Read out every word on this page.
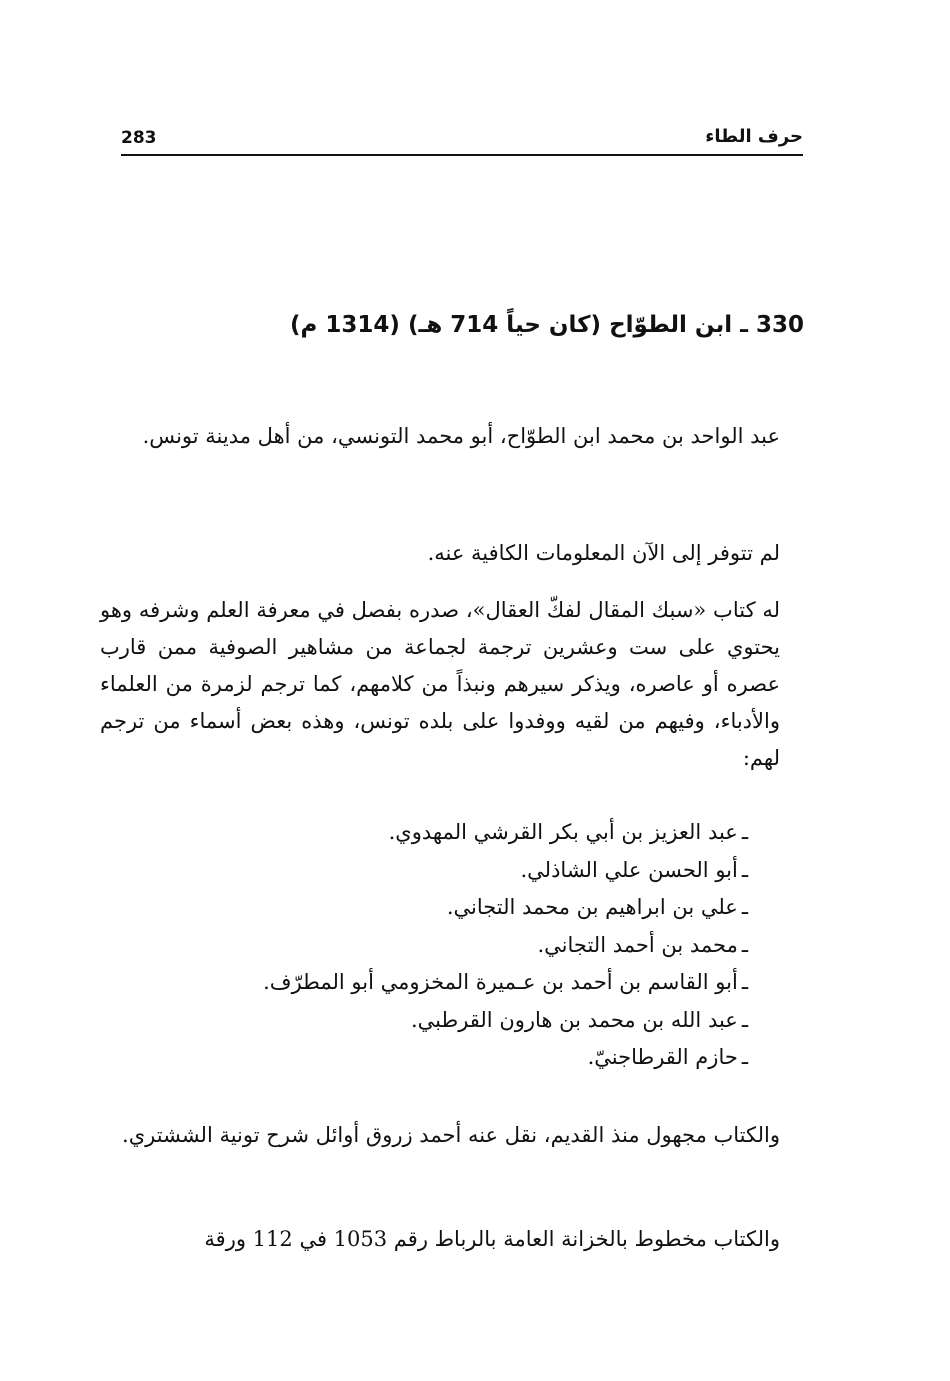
283	حرف الطاء
330 ـ ابن الطوّاح (كان حياً 714 هـ) (1314 م)

عبد الواحد بن محمد ابن الطوّاح، أبو محمد التونسي، من أهل مدينة تونس.

لم تتوفر إلى الآن المعلومات الكافية عنه.

له كتاب «سبك المقال لفكّ العقال»، صدره بفصل في معرفة العلم وشرفه وهو يحتوي على ست وعشرين ترجمة لجماعة من مشاهير الصوفية ممن قارب عصره أو عاصره، ويذكر سيرهم ونبذاً من كلامهم، كما ترجم لزمرة من العلماء والأدباء، وفيهم من لقيه ووفدوا على بلده تونس، وهذه بعض أسماء من ترجم لهم:

ـعبد العزيز بن أبي بكر القرشي المهدوي.
ـأبو الحسن علي الشاذلي.
ـعلي بن ابراهيم بن محمد التجاني.
ـمحمد بن أحمد التجاني.
ـأبو القاسم بن أحمد بن عـميرة المخزومي أبو المطرّف.
ـعبد الله بن محمد بن هارون القرطبي.
ـحازم القرطاجنيّ.

والكتاب مجهول منذ القديم، نقل عنه أحمد زروق أوائل شرح تونية الششتري.

والكتاب مخطوط بالخزانة العامة بالرباط رقم 1053 في 112 ورقة
